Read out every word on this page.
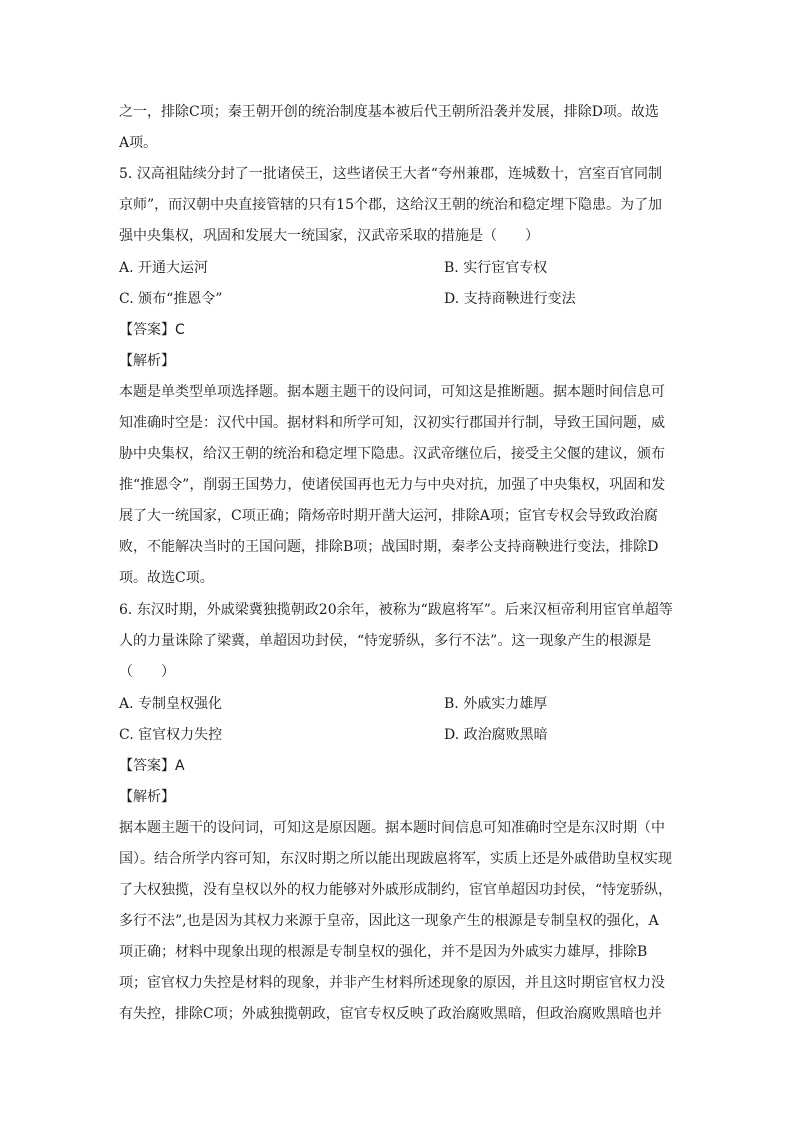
之一，排除C项；秦王朝开创的统治制度基本被后代王朝所沿袭并发展，排除D项。故选
A项。
5. 汉高祖陆续分封了一批诸侯王，这些诸侯王大者“夸州兼郡，连城数十，宫室百官同制
京师”，而汉朝中央直接管辖的只有15个郡，这给汉王朝的统治和稳定埋下隐患。为了加
强中央集权，巩固和发展大一统国家，汉武帝采取的措施是（　　）
A. 开通大运河	B. 实行宦官专权
C. 颁布“推恩令”	D. 支持商鞅进行变法
【答案】C
【解析】
本题是单类型单项选择题。据本题主题干的设问词，可知这是推断题。据本题时间信息可
知准确时空是：汉代中国。据材料和所学可知，汉初实行郡国并行制，导致王国问题，威
胁中央集权，给汉王朝的统治和稳定埋下隐患。汉武帝继位后，接受主父偃的建议，颁布
推“推恩令”，削弱王国势力，使诸侯国再也无力与中央对抗，加强了中央集权，巩固和发
展了大一统国家，C项正确；隋炀帝时期开凿大运河，排除A项；宦官专权会导致政治腐
败，不能解决当时的王国问题，排除B项；战国时期，秦孝公支持商鞅进行变法，排除D
项。故选C项。
6. 东汉时期，外戚梁冀独揽朝政20余年，被称为“跋扈将军”。后来汉桓帝利用宦官单超等
人的力量诛除了梁冀，单超因功封侯，“恃宠骄纵，多行不法”。这一现象产生的根源是
（　　）
A. 专制皇权强化	B. 外戚实力雄厚
C. 宦官权力失控	D. 政治腐败黑暗
【答案】A
【解析】
据本题主题干的设问词，可知这是原因题。据本题时间信息可知准确时空是东汉时期（中
国）。结合所学内容可知，东汉时期之所以能出现跋扈将军，实质上还是外戚借助皇权实现
了大权独揽，没有皇权以外的权力能够对外戚形成制约，宦官单超因功封侯，“恃宠骄纵，
多行不法”,也是因为其权力来源于皇帝，因此这一现象产生的根源是专制皇权的强化，A
项正确；材料中现象出现的根源是专制皇权的强化，并不是因为外戚实力雄厚，排除B
项；宦官权力失控是材料的现象，并非产生材料所述现象的原因，并且这时期宦官权力没
有失控，排除C项；外戚独揽朝政，宦官专权反映了政治腐败黑暗，但政治腐败黑暗也并
